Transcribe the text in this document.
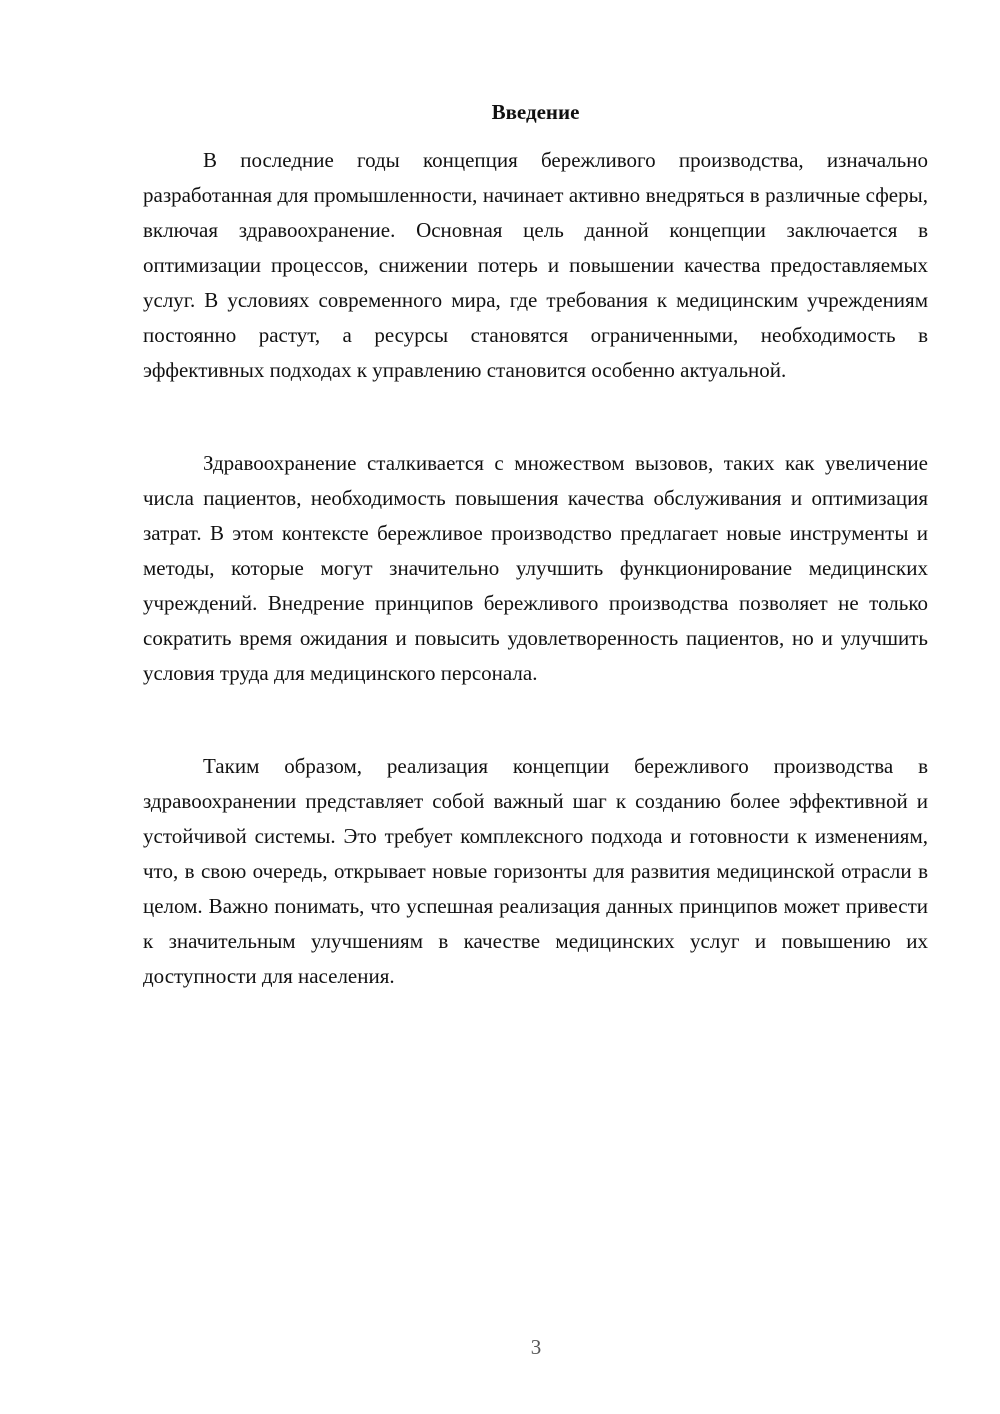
Введение

В последние годы концепция бережливого производства, изначально разработанная для промышленности, начинает активно внедряться в различные сферы, включая здравоохранение. Основная цель данной концепции заключается в оптимизации процессов, снижении потерь и повышении качества предоставляемых услуг. В условиях современного мира, где требования к медицинским учреждениям постоянно растут, а ресурсы становятся ограниченными, необходимость в эффективных подходах к управлению становится особенно актуальной.

Здравоохранение сталкивается с множеством вызовов, таких как увеличение числа пациентов, необходимость повышения качества обслуживания и оптимизация затрат. В этом контексте бережливое производство предлагает новые инструменты и методы, которые могут значительно улучшить функционирование медицинских учреждений. Внедрение принципов бережливого производства позволяет не только сократить время ожидания и повысить удовлетворенность пациентов, но и улучшить условия труда для медицинского персонала.

Таким образом, реализация концепции бережливого производства в здравоохранении представляет собой важный шаг к созданию более эффективной и устойчивой системы. Это требует комплексного подхода и готовности к изменениям, что, в свою очередь, открывает новые горизонты для развития медицинской отрасли в целом. Важно понимать, что успешная реализация данных принципов может привести к значительным улучшениям в качестве медицинских услуг и повышению их доступности для населения.

3
